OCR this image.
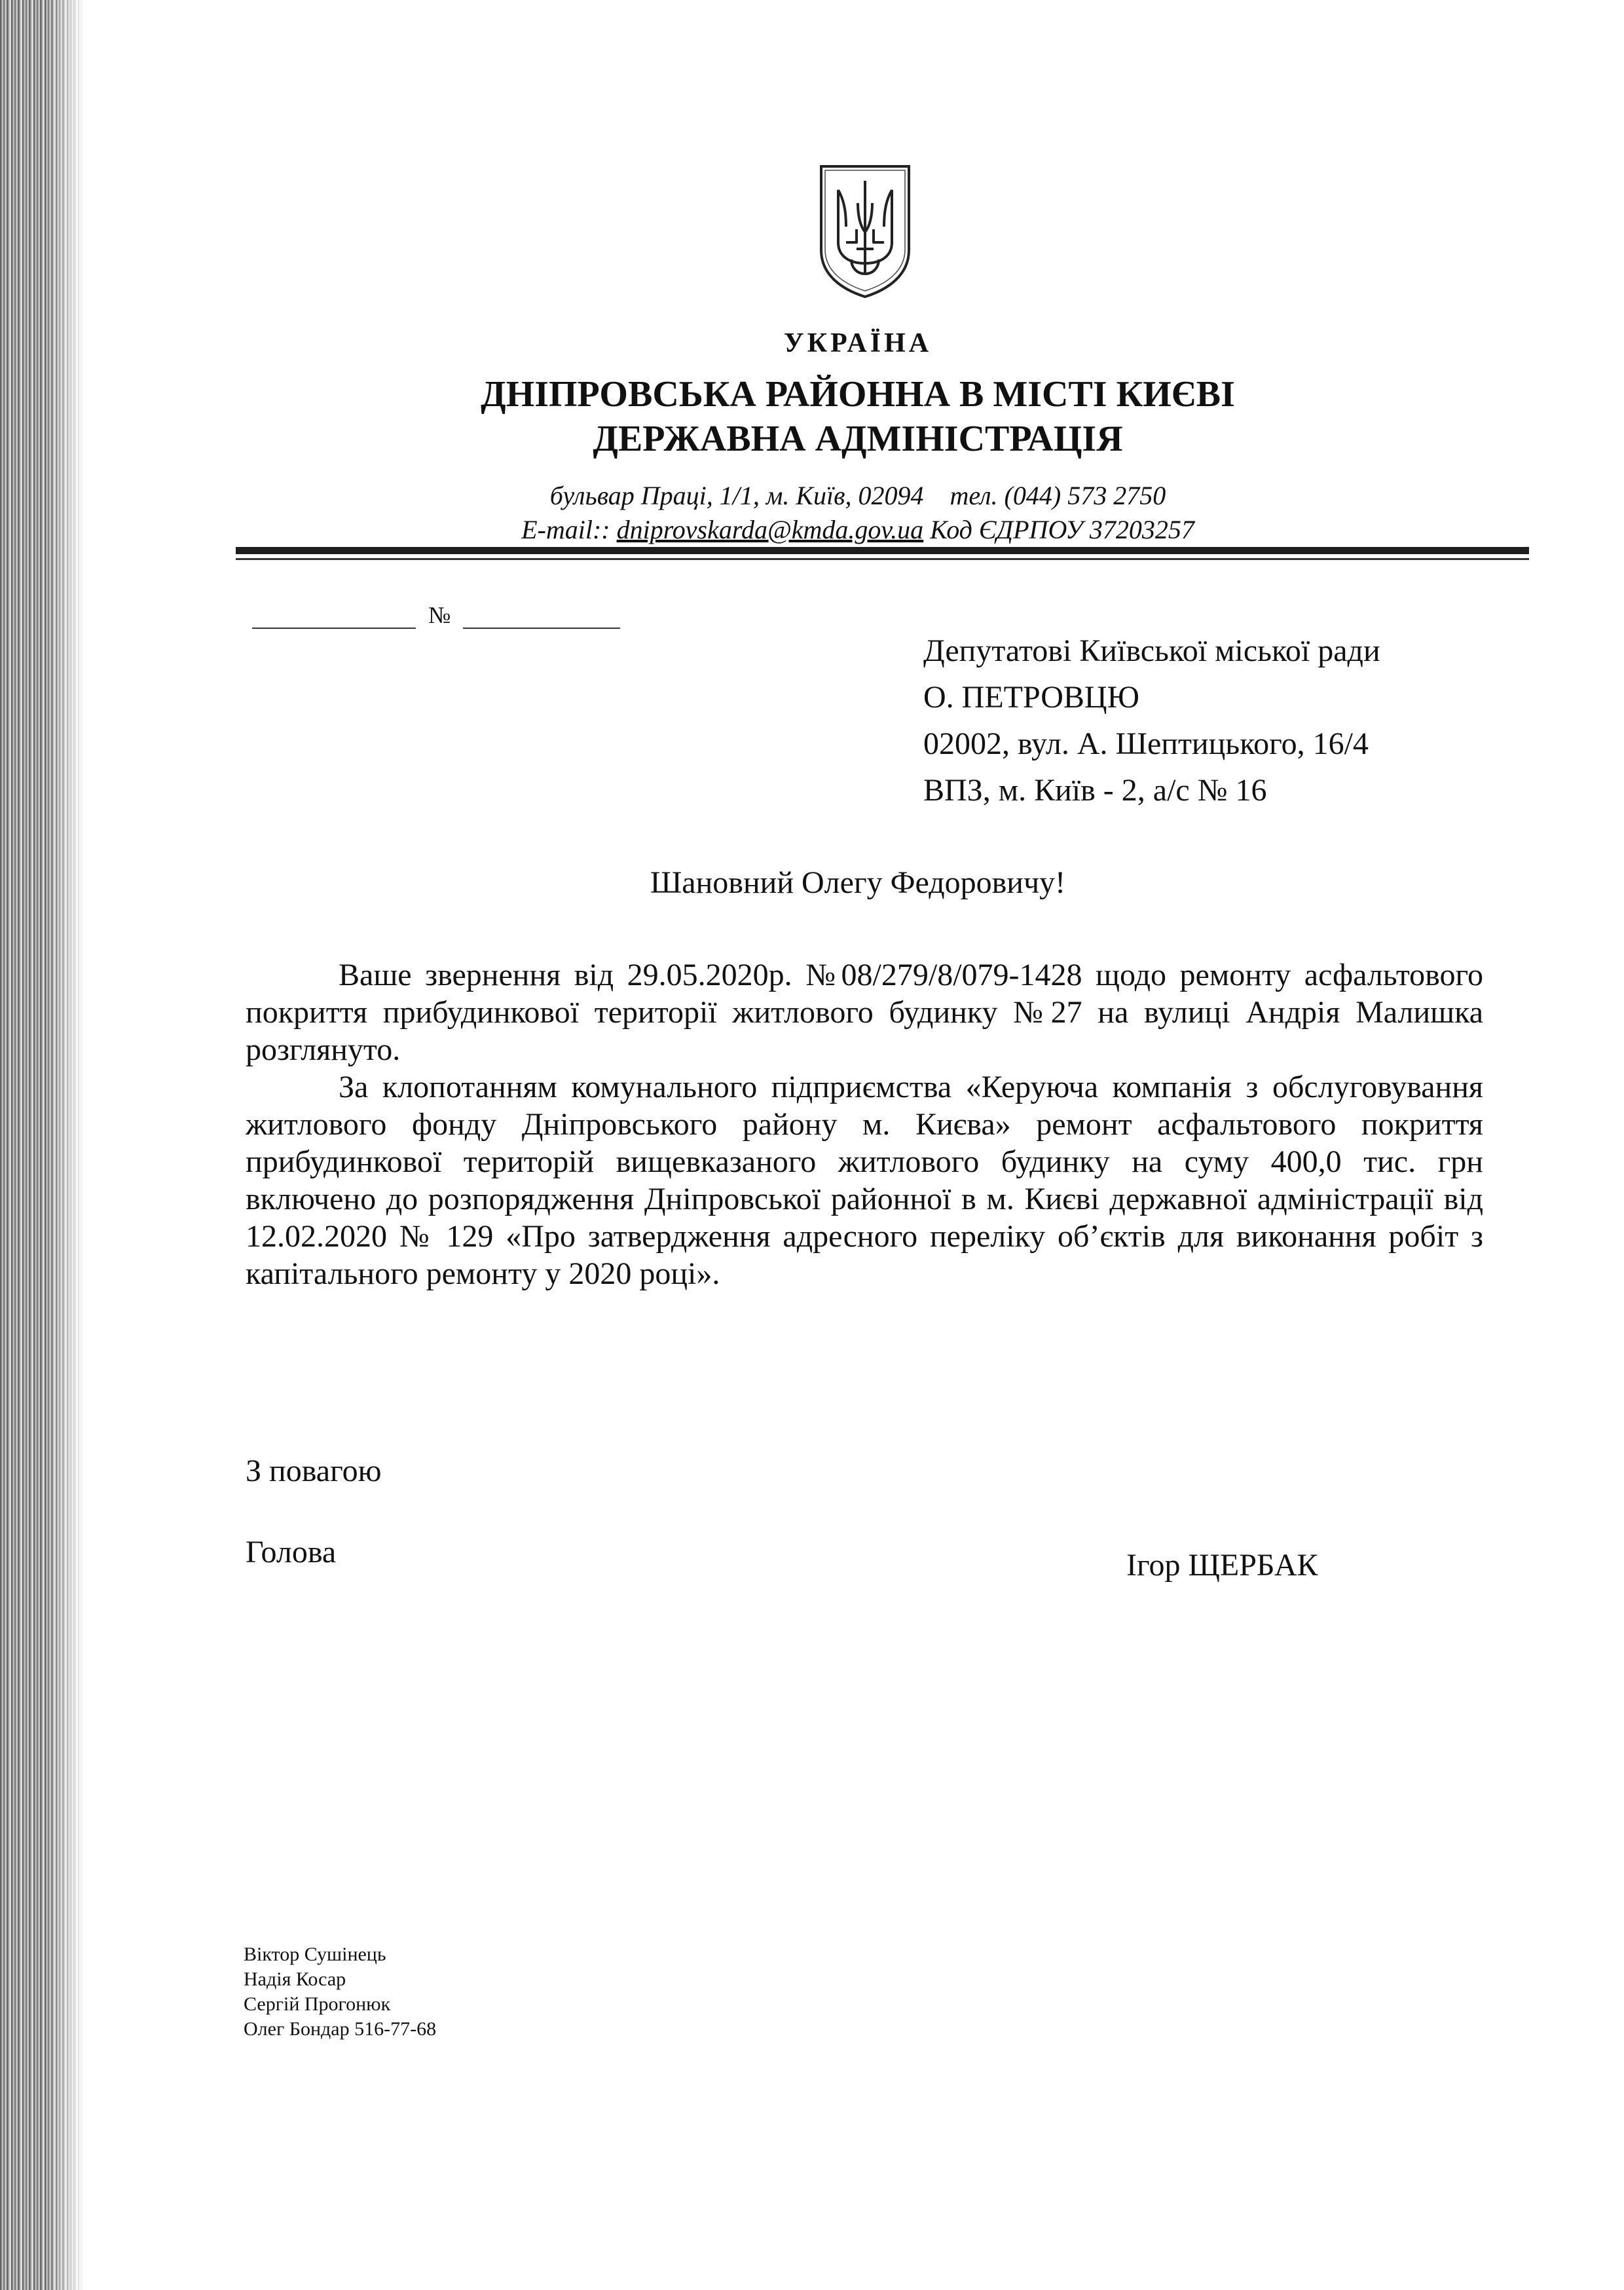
УКРАЇНА
ДНІПРОВСЬКА РАЙОННА В МІСТІ КИЄВІ
ДЕРЖАВНА АДМІНІСТРАЦІЯ
бульвар Праці, 1/1, м. Київ, 02094 тел. (044) 573 2750
E-mail:: dniprovskarda@kmda.gov.ua Код ЄДРПОУ 37203257
№
Депутатові Київської міської ради
О. ПЕТРОВЦЮ
02002, вул. А. Шептицького, 16/4
ВПЗ, м. Київ - 2, а/с № 16
Шановний Олегу Федоровичу!

Ваше звернення від 29.05.2020р. №08/279/8/079-1428 щодо ремонту асфальтового покриття прибудинкової території житлового будинку №27 на вулиці Андрія Малишка розглянуто.

За клопотанням комунального підприємства «Керуюча компанія з обслуговування житлового фонду Дніпровського району м. Києва» ремонт асфальтового покриття прибудинкової територій вищевказаного житлового будинку на суму 400,0 тис. грн включено до розпорядження Дніпровської районної в м. Києві державної адміністрації від 12.02.2020 № 129 «Про затвердження адресного переліку об’єктів для виконання робіт з капітального ремонту у 2020 році».

З повагою
Голова	Ігор ЩЕРБАК
Віктор Сушінець
Надія Косар
Сергій Прогонюк
Олег Бондар 516-77-68
